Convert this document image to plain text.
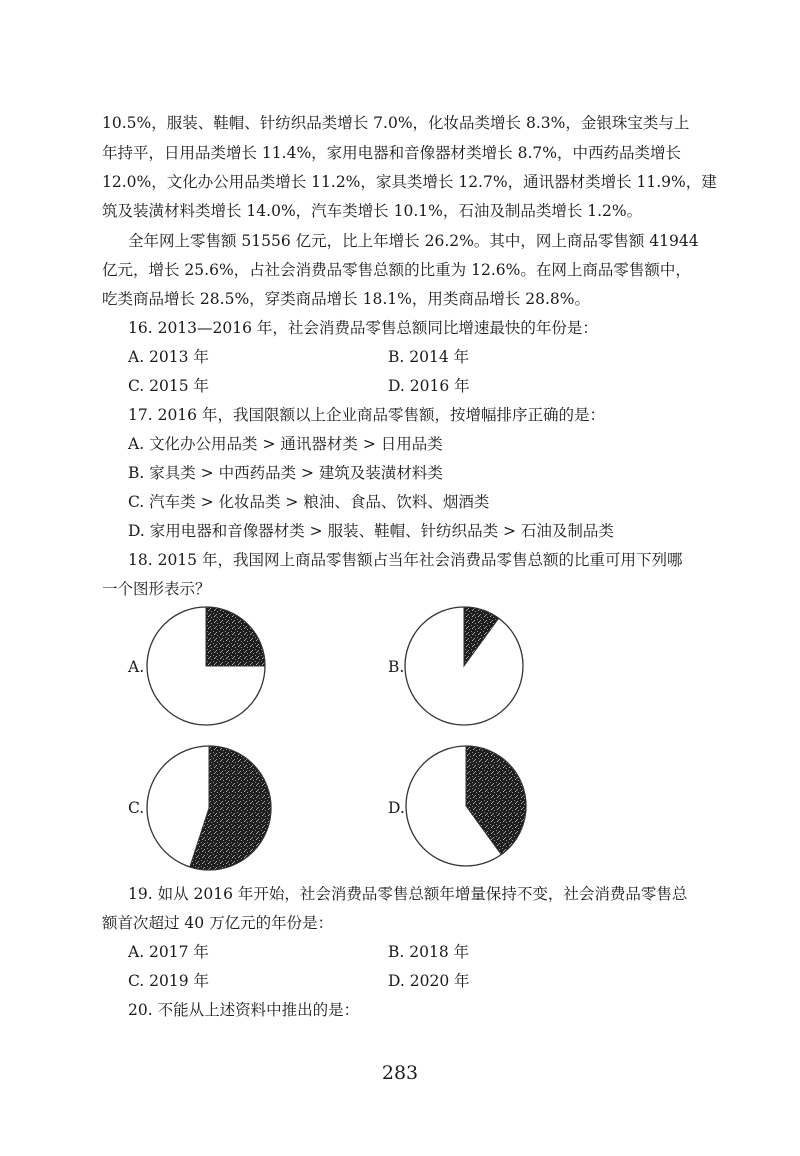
10.5%，服装、鞋帽、针纺织品类增长 7.0%，化妆品类增长 8.3%，金银珠宝类与上
年持平，日用品类增长 11.4%，家用电器和音像器材类增长 8.7%，中西药品类增长
12.0%，文化办公用品类增长 11.2%，家具类增长 12.7%，通讯器材类增长 11.9%，建
筑及装潢材料类增长 14.0%，汽车类增长 10.1%，石油及制品类增长 1.2%。
全年网上零售额 51556 亿元，比上年增长 26.2%。其中，网上商品零售额 41944
亿元，增长 25.6%，占社会消费品零售总额的比重为 12.6%。在网上商品零售额中，
吃类商品增长 28.5%，穿类商品增长 18.1%，用类商品增长 28.8%。
16. 2013—2016 年，社会消费品零售总额同比增速最快的年份是：
A. 2013 年	B. 2014 年
C. 2015 年	D. 2016 年
17. 2016 年，我国限额以上企业商品零售额，按增幅排序正确的是：
A. 文化办公用品类 > 通讯器材类 > 日用品类
B. 家具类 > 中西药品类 > 建筑及装潢材料类
C. 汽车类 > 化妆品类 > 粮油、食品、饮料、烟酒类
D. 家用电器和音像器材类 > 服装、鞋帽、针纺织品类 > 石油及制品类
18. 2015 年，我国网上商品零售额占当年社会消费品零售总额的比重可用下列哪
一个图形表示？
A.	B.
C.	D.
19. 如从 2016 年开始，社会消费品零售总额年增量保持不变，社会消费品零售总
额首次超过 40 万亿元的年份是：
A. 2017 年	B. 2018 年
C. 2019 年	D. 2020 年
20. 不能从上述资料中推出的是：
283
